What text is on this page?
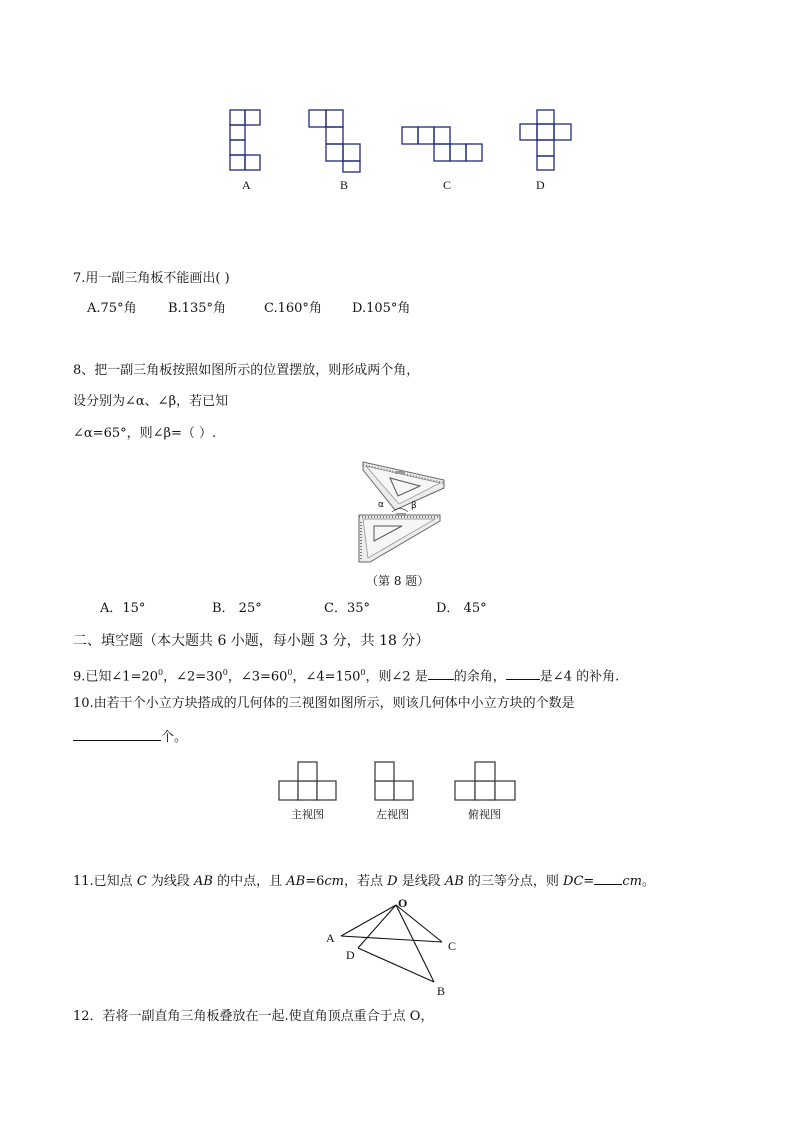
A	B	C	D
7.用一副三角板不能画出( )
A.75°角 B.135°角	C.160°角 D.105°角
8、把一副三角板按照如图所示的位置摆放，则形成两个角，
设分别为∠α、∠β，若已知
∠α=65°，则∠β=（ ）.
α	β
（第 8 题）
A．15°	B． 25°	C．35°	D． 45°
二、填空题（本大题共 6 小题，每小题 3 分，共 18 分）
9.已知$\angle 1=20^0$，$\angle 2=30^0$，$\angle 3=60^0$，$\angle 4=150^0$，则∠2 是 的余角，	是∠4 的补角.
10.由若干个小立方块搭成的几何体的三视图如图所示，则该几何体中小立方块的个数是
个。
主视图	左视图	俯视图
11.已知点 C 为线段 AB 的中点，且 AB=6cm，若点 D 是线段 AB 的三等分点，则 DC= cm。
O
A
C
D
B
12．若将一副直角三角板叠放在一起.使直角顶点重合于点 O，
